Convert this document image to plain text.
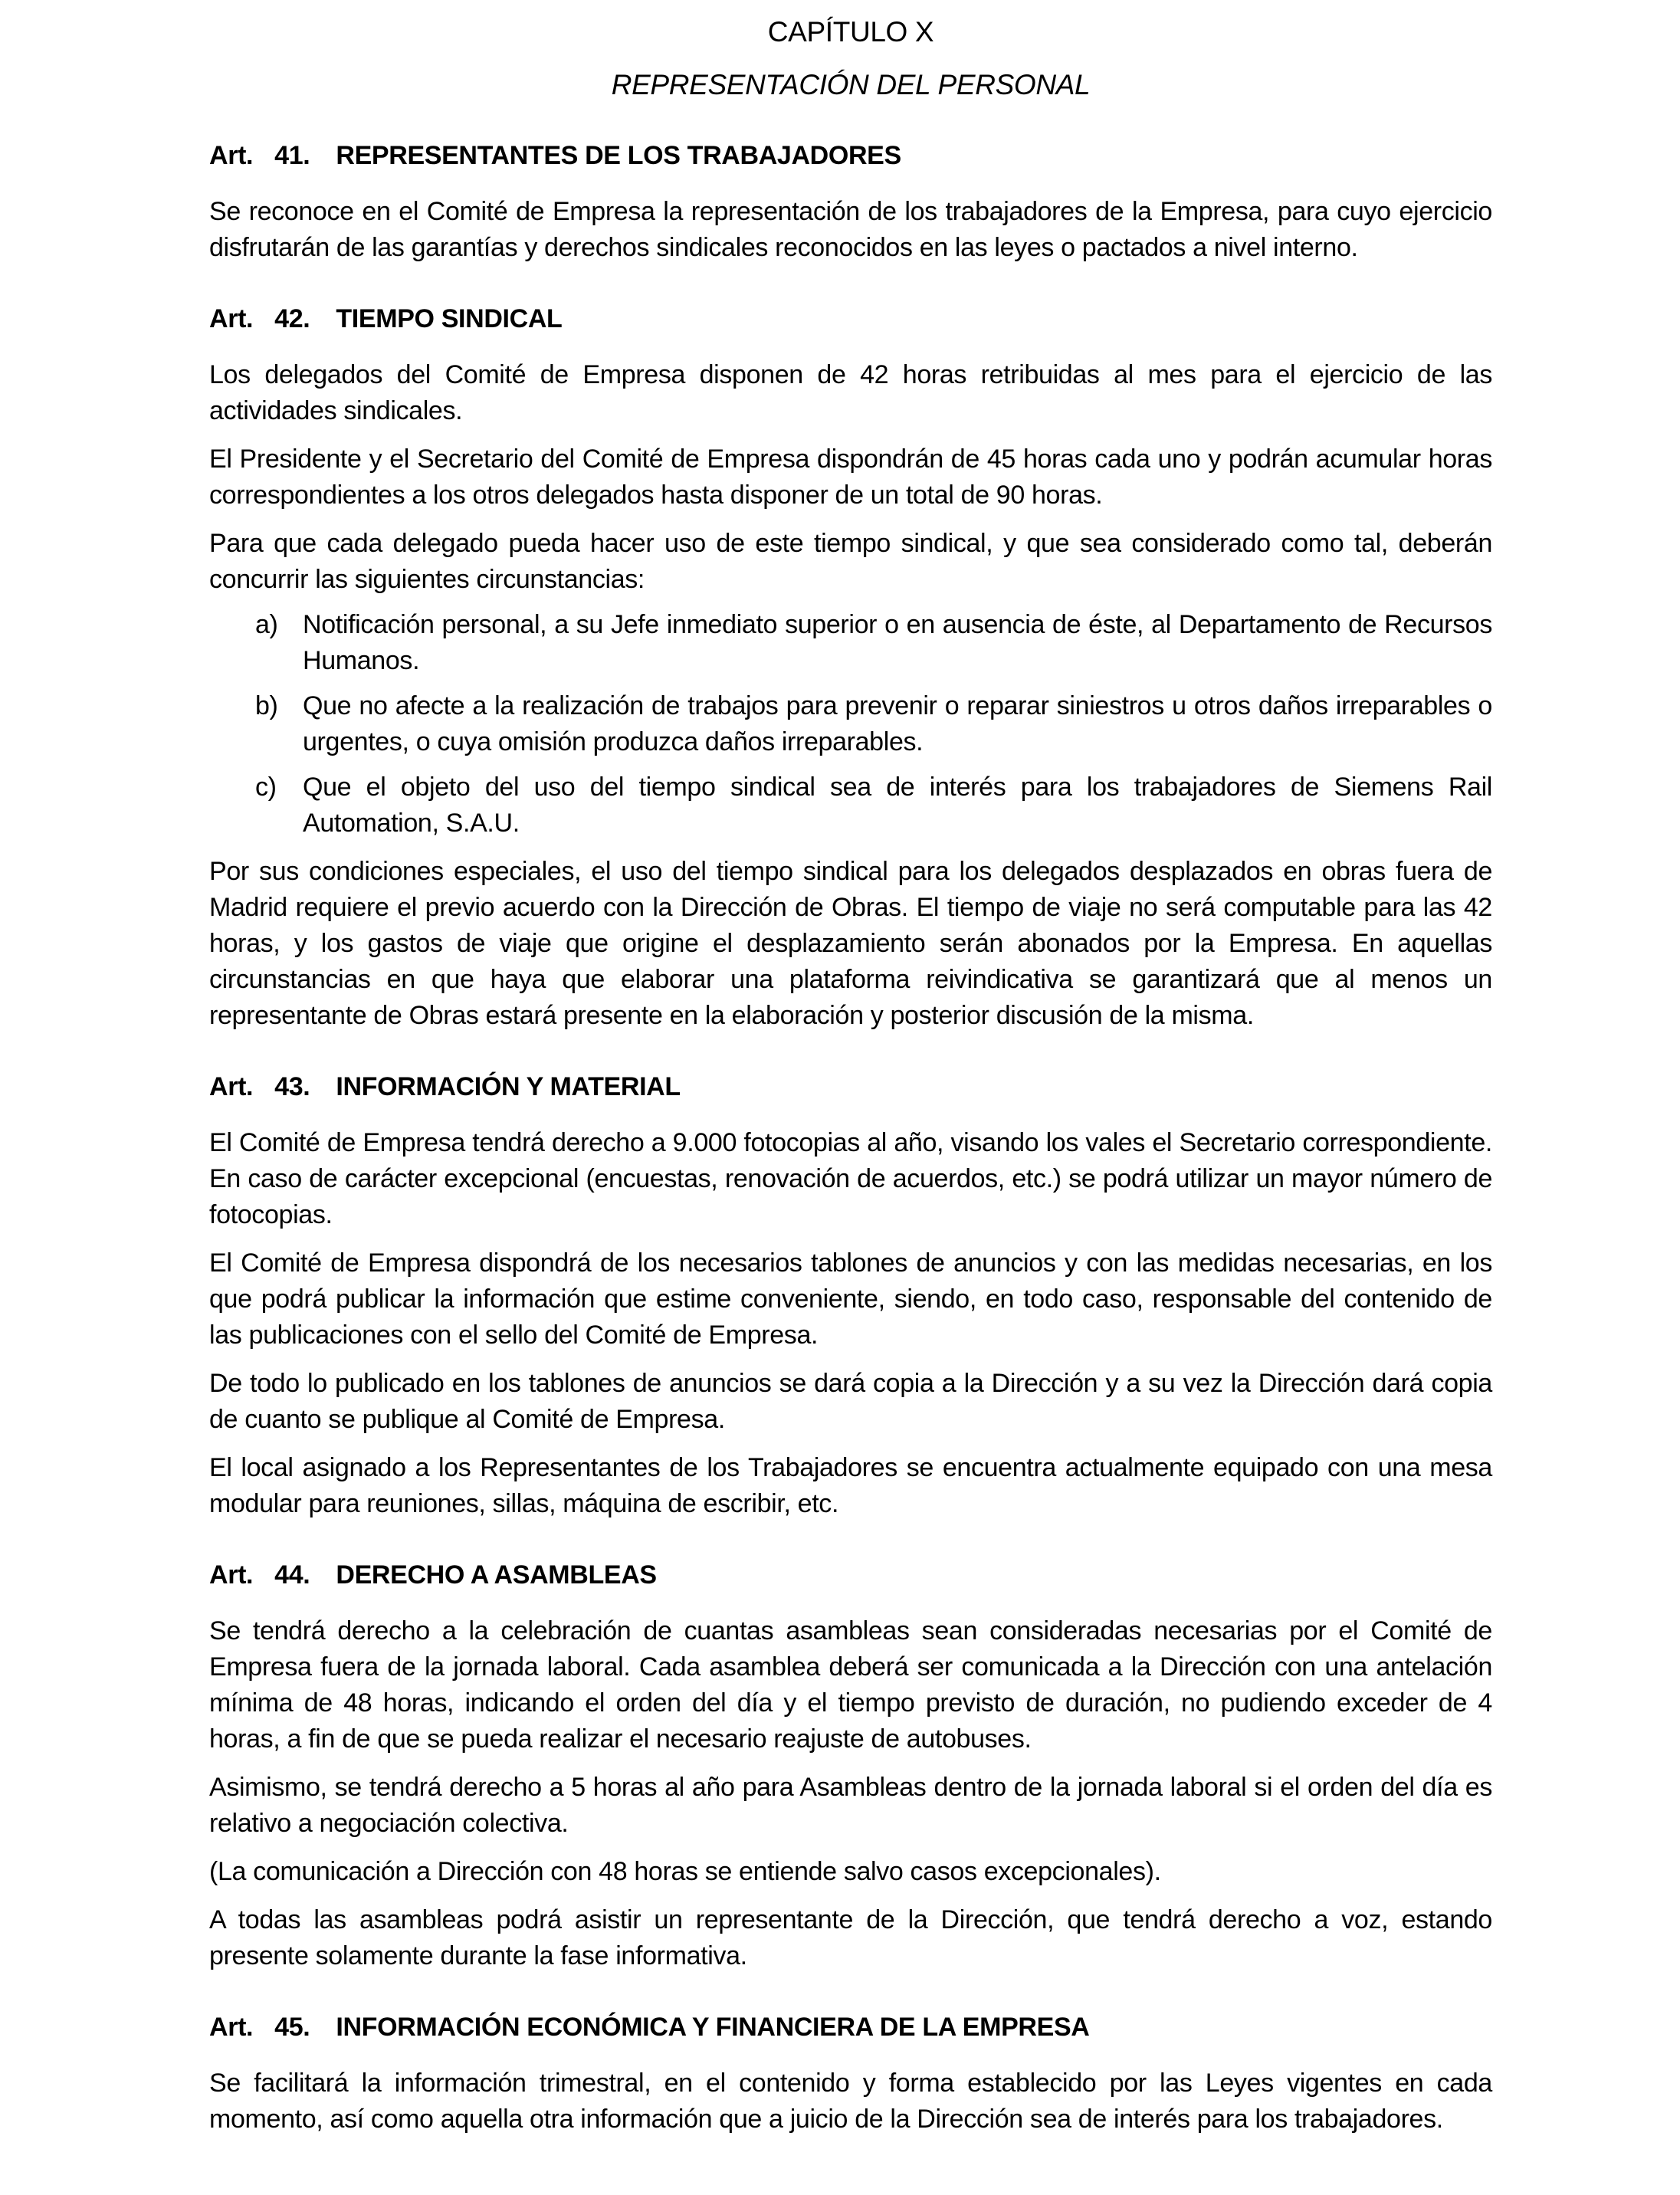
CAPÍTULO X
REPRESENTACIÓN DEL PERSONAL
Art. 41. REPRESENTANTES DE LOS TRABAJADORES

Se reconoce en el Comité de Empresa la representación de los trabajadores de la Empresa, para cuyo ejercicio disfrutarán de las garantías y derechos sindicales reconocidos en las leyes o pactados a nivel interno.

Art. 42. TIEMPO SINDICAL

Los delegados del Comité de Empresa disponen de 42 horas retribuidas al mes para el ejercicio de las actividades sindicales.

El Presidente y el Secretario del Comité de Empresa dispondrán de 45 horas cada uno y podrán acumular horas correspondientes a los otros delegados hasta disponer de un total de 90 horas.

Para que cada delegado pueda hacer uso de este tiempo sindical, y que sea considerado como tal, deberán concurrir las siguientes circunstancias:

a) Notificación personal, a su Jefe inmediato superior o en ausencia de éste, al Departamento de Recursos Humanos.
b) Que no afecte a la realización de trabajos para prevenir o reparar siniestros u otros daños irreparables o urgentes, o cuya omisión produzca daños irreparables.
c)	Que el objeto del uso del tiempo sindical sea de interés para los trabajadores de Siemens Rail Automation, S.A.U.

Por sus condiciones especiales, el uso del tiempo sindical para los delegados desplazados en obras fuera de Madrid requiere el previo acuerdo con la Dirección de Obras. El tiempo de viaje no será computable para las 42 horas, y los gastos de viaje que origine el desplazamiento serán abonados por la Empresa. En aquellas circunstancias en que haya que elaborar una plataforma reivindicativa se garantizará que al menos un representante de Obras estará presente en la elaboración y posterior discusión de la misma.

Art. 43. INFORMACIÓN Y MATERIAL

El Comité de Empresa tendrá derecho a 9.000 fotocopias al año, visando los vales el Secretario correspondiente. En caso de carácter excepcional (encuestas, renovación de acuerdos, etc.) se podrá utilizar un mayor número de fotocopias.

El Comité de Empresa dispondrá de los necesarios tablones de anuncios y con las medidas necesarias, en los que podrá publicar la información que estime conveniente, siendo, en todo caso, responsable del contenido de las publicaciones con el sello del Comité de Empresa.

De todo lo publicado en los tablones de anuncios se dará copia a la Dirección y a su vez la Dirección dará copia de cuanto se publique al Comité de Empresa.

El local asignado a los Representantes de los Trabajadores se encuentra actualmente equipado con una mesa modular para reuniones, sillas, máquina de escribir, etc.

Art. 44. DERECHO A ASAMBLEAS

Se tendrá derecho a la celebración de cuantas asambleas sean consideradas necesarias por el Comité de Empresa fuera de la jornada laboral. Cada asamblea deberá ser comunicada a la Dirección con una antelación mínima de 48 horas, indicando el orden del día y el tiempo previsto de duración, no pudiendo exceder de 4 horas, a fin de que se pueda realizar el necesario reajuste de autobuses.

Asimismo, se tendrá derecho a 5 horas al año para Asambleas dentro de la jornada laboral si el orden del día es relativo a negociación colectiva.

(La comunicación a Dirección con 48 horas se entiende salvo casos excepcionales).

A todas las asambleas podrá asistir un representante de la Dirección, que tendrá derecho a voz, estando presente solamente durante la fase informativa.

Art. 45. INFORMACIÓN ECONÓMICA Y FINANCIERA DE LA EMPRESA

Se facilitará la información trimestral, en el contenido y forma establecido por las Leyes vigentes en cada momento, así como aquella otra información que a juicio de la Dirección sea de interés para los trabajadores.
